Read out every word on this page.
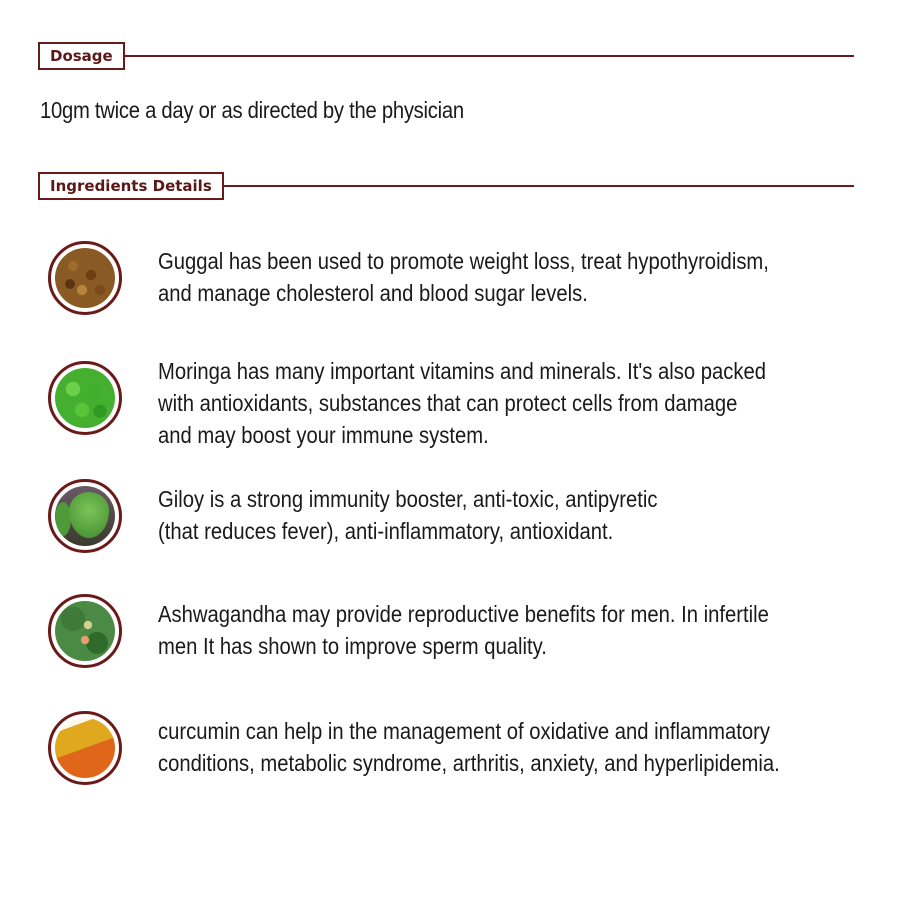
Dosage
10gm twice a day or as directed by the physician
Ingredients Details
Guggal has been used to promote weight loss, treat hypothyroidism,
and manage cholesterol and blood sugar levels.
Moringa has many important vitamins and minerals. It's also packed
with antioxidants, substances that can protect cells from damage
and may boost your immune system.
Giloy is a strong immunity booster, anti-toxic, antipyretic
(that reduces fever), anti-inflammatory, antioxidant.
Ashwagandha may provide reproductive benefits for men. In infertile
men It has shown to improve sperm quality.
curcumin can help in the management of oxidative and inflammatory
conditions, metabolic syndrome, arthritis, anxiety, and hyperlipidemia.
